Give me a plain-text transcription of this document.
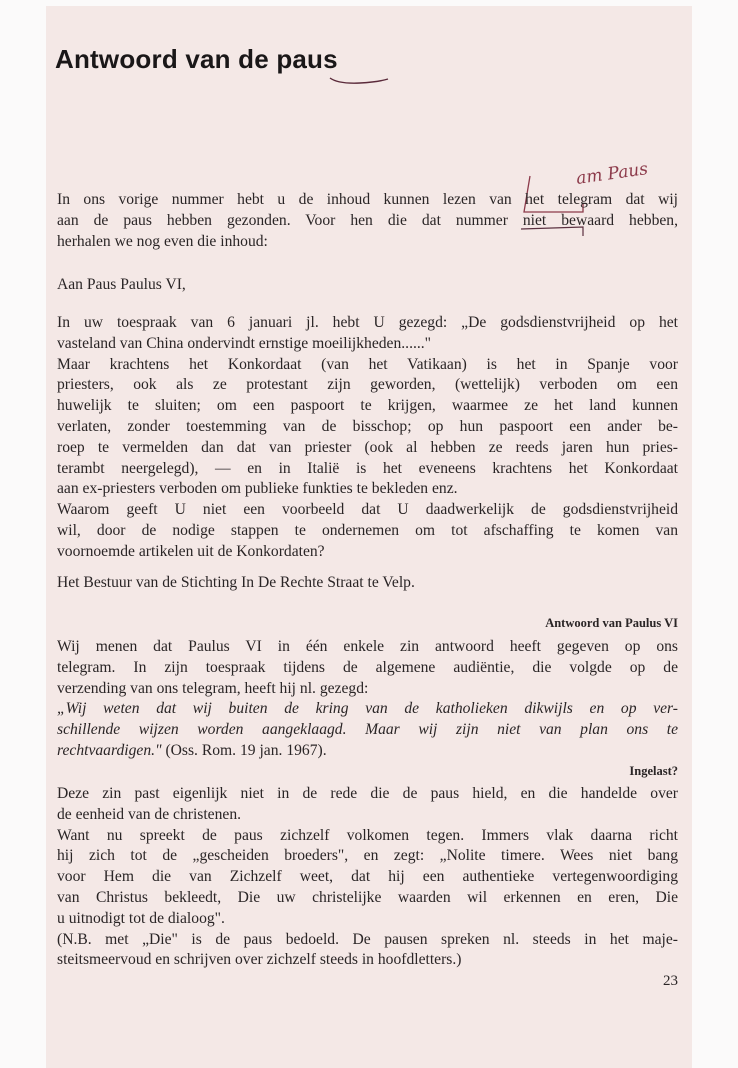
Antwoord van de paus
am Paus
In ons vorige nummer hebt u de inhoud kunnen lezen van het telegram dat wij
aan de paus hebben gezonden. Voor hen die dat nummer niet bewaard hebben,
herhalen we nog even die inhoud:
Aan Paus Paulus VI,
In uw toespraak van 6 januari jl. hebt U gezegd: „De godsdienstvrijheid op het
vasteland van China ondervindt ernstige moeilijkheden......"
Maar krachtens het Konkordaat (van het Vatikaan) is het in Spanje voor
priesters, ook als ze protestant zijn geworden, (wettelijk) verboden om een
huwelijk te sluiten; om een paspoort te krijgen, waarmee ze het land kunnen
verlaten, zonder toestemming van de bisschop; op hun paspoort een ander be-
roep te vermelden dan dat van priester (ook al hebben ze reeds jaren hun pries-
terambt neergelegd), — en in Italië is het eveneens krachtens het Konkordaat
aan ex-priesters verboden om publieke funkties te bekleden enz.
Waarom geeft U niet een voorbeeld dat U daadwerkelijk de godsdienstvrijheid
wil, door de nodige stappen te ondernemen om tot afschaffing te komen van
voornoemde artikelen uit de Konkordaten?
Het Bestuur van de Stichting In De Rechte Straat te Velp.
Antwoord van Paulus VI
Wij menen dat Paulus VI in één enkele zin antwoord heeft gegeven op ons
telegram. In zijn toespraak tijdens de algemene audiëntie, die volgde op de
verzending van ons telegram, heeft hij nl. gezegd:
„Wij weten dat wij buiten de kring van de katholieken dikwijls en op ver-
schillende wijzen worden aangeklaagd. Maar wij zijn niet van plan ons te
rechtvaardigen." (Oss. Rom. 19 jan. 1967).
Ingelast?
Deze zin past eigenlijk niet in de rede die de paus hield, en die handelde over
de eenheid van de christenen.
Want nu spreekt de paus zichzelf volkomen tegen. Immers vlak daarna richt
hij zich tot de „gescheiden broeders", en zegt: „Nolite timere. Wees niet bang
voor Hem die van Zichzelf weet, dat hij een authentieke vertegenwoordiging
van Christus bekleedt, Die uw christelijke waarden wil erkennen en eren, Die
u uitnodigt tot de dialoog".
(N.B. met „Die" is de paus bedoeld. De pausen spreken nl. steeds in het maje-
steitsmeervoud en schrijven over zichzelf steeds in hoofdletters.)
23
